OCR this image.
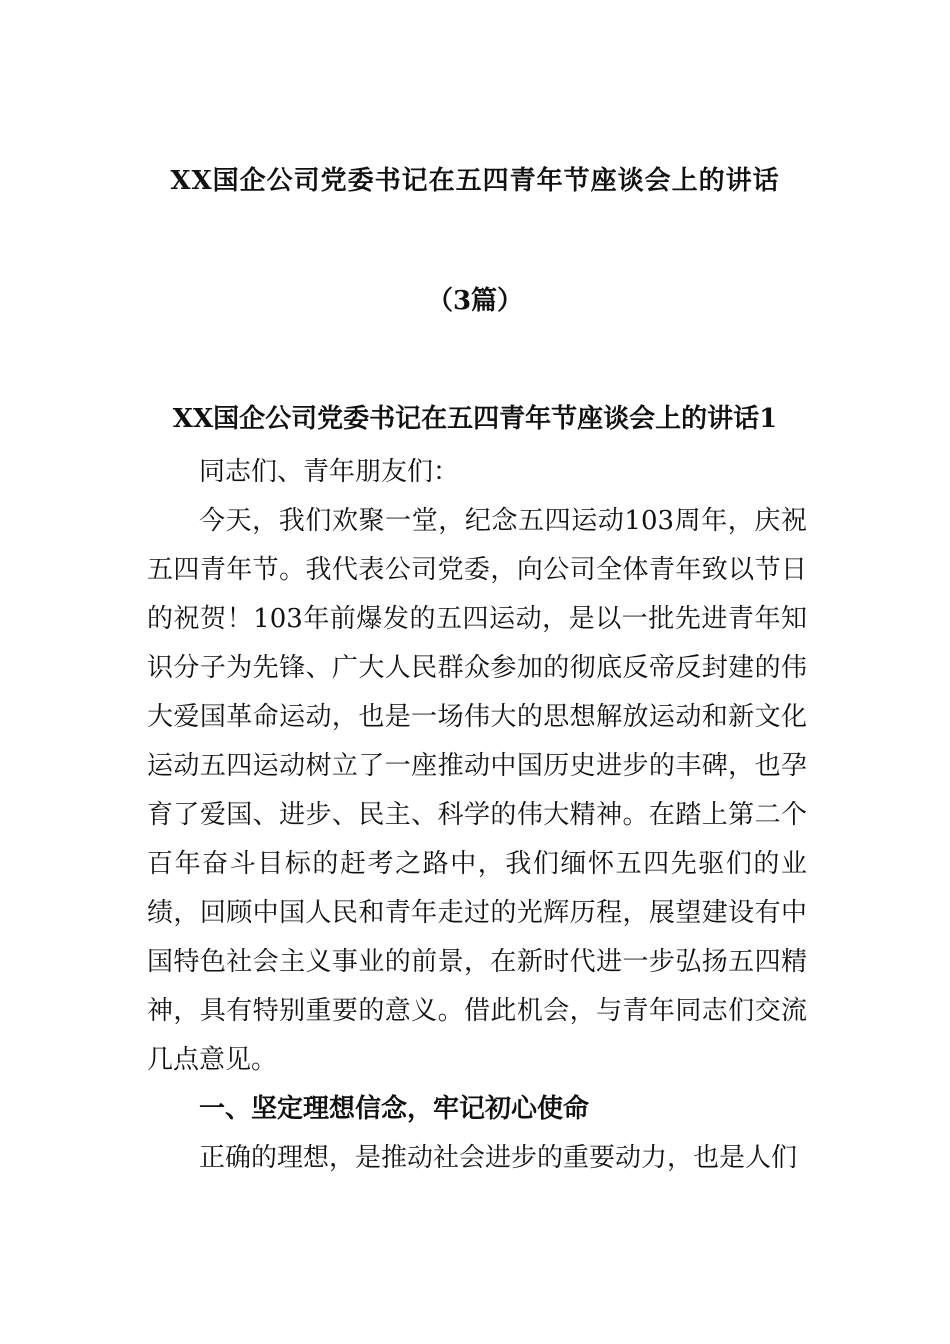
XX国企公司党委书记在五四青年节座谈会上的讲话
（3篇）
XX国企公司党委书记在五四青年节座谈会上的讲话1

同志们、青年朋友们：

今天，我们欢聚一堂，纪念五四运动103周年，庆祝五四青年节。我代表公司党委，向公司全体青年致以节日的祝贺！103年前爆发的五四运动，是以一批先进青年知识分子为先锋、广大人民群众参加的彻底反帝反封建的伟大爱国革命运动，也是一场伟大的思想解放运动和新文化运动五四运动树立了一座推动中国历史进步的丰碑，也孕育了爱国、进步、民主、科学的伟大精神。在踏上第二个百年奋斗目标的赶考之路中，我们缅怀五四先驱们的业绩，回顾中国人民和青年走过的光辉历程，展望建设有中国特色社会主义事业的前景，在新时代进一步弘扬五四精神，具有特别重要的意义。借此机会，与青年同志们交流几点意见。

一、坚定理想信念，牢记初心使命

正确的理想，是推动社会进步的重要动力，也是人们
